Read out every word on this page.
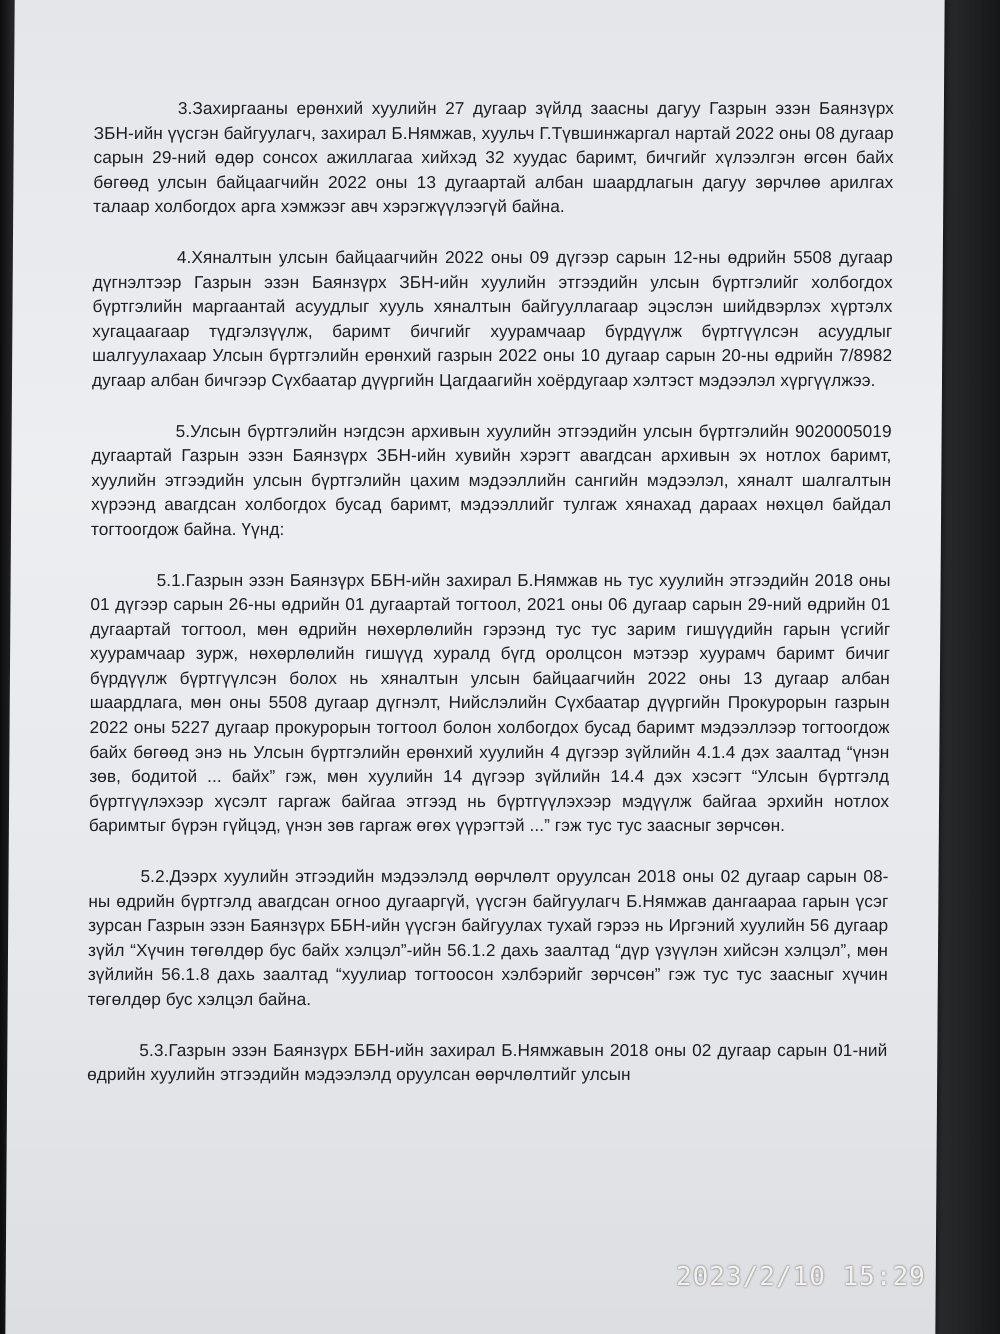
3.Захиргааны ерөнхий хуулийн 27 дугаар зүйлд заасны дагуу Газрын эзэн Баянзүрх ЗБН-ийн үүсгэн байгуулагч, захирал Б.Нямжав, хуульч Г.Түвшинжаргал нартай 2022 оны 08 дугаар сарын 29-ний өдөр сонсох ажиллагаа хийхэд 32 хуудас баримт, бичгийг хүлээлгэн өгсөн байх бөгөөд улсын байцаагчийн 2022 оны 13 дугаартай албан шаардлагын дагуу зөрчлөө арилгах талаар холбогдох арга хэмжээг авч хэрэгжүүлээгүй байна.

4.Хяналтын улсын байцаагчийн 2022 оны 09 дүгээр сарын 12-ны өдрийн 5508 дугаар дүгнэлтээр Газрын эзэн Баянзүрх ЗБН-ийн хуулийн этгээдийн улсын бүртгэлийг холбогдох бүртгэлийн маргаантай асуудлыг хууль хяналтын байгууллагаар эцэслэн шийдвэрлэх хүртэлх хугацаагаар түдгэлзүүлж, баримт бичгийг хуурамчаар бүрдүүлж бүртгүүлсэн асуудлыг шалгуулахаар Улсын бүртгэлийн ерөнхий газрын 2022 оны 10 дугаар сарын 20-ны өдрийн 7/8982 дугаар албан бичгээр Сүхбаатар дүүргийн Цагдаагийн хоёрдугаар хэлтэст мэдээлэл хүргүүлжээ.

5.Улсын бүртгэлийн нэгдсэн архивын хуулийн этгээдийн улсын бүртгэлийн 9020005019 дугаартай Газрын эзэн Баянзүрх ЗБН-ийн хувийн хэрэгт авагдсан архивын эх нотлох баримт, хуулийн этгээдийн улсын бүртгэлийн цахим мэдээллийн сангийн мэдээлэл, хяналт шалгалтын хүрээнд авагдсан холбогдох бусад баримт, мэдээллийг тулгаж хянахад дараах нөхцөл байдал тогтоогдож байна. Үүнд:

5.1.Газрын эзэн Баянзүрх ББН-ийн захирал Б.Нямжав нь тус хуулийн этгээдийн 2018 оны 01 дүгээр сарын 26-ны өдрийн 01 дугаартай тогтоол, 2021 оны 06 дугаар сарын 29-ний өдрийн 01 дугаартай тогтоол, мөн өдрийн нөхөрлөлийн гэрээнд тус тус зарим гишүүдийн гарын үсгийг хуурамчаар зурж, нөхөрлөлийн гишүүд хуралд бүгд оролцсон мэтээр хуурамч баримт бичиг бүрдүүлж бүртгүүлсэн болох нь хяналтын улсын байцаагчийн 2022 оны 13 дугаар албан шаардлага, мөн оны 5508 дугаар дүгнэлт, Нийслэлийн Сүхбаатар дүүргийн Прокурорын газрын 2022 оны 5227 дугаар прокурорын тогтоол болон холбогдох бусад баримт мэдээллээр тогтоогдож байх бөгөөд энэ нь Улсын бүртгэлийн ерөнхий хуулийн 4 дүгээр зүйлийн 4.1.4 дэх заалтад “үнэн зөв, бодитой ... байх” гэж, мөн хуулийн 14 дүгээр зүйлийн 14.4 дэх хэсэгт “Улсын бүртгэлд бүртгүүлэхээр хүсэлт гаргаж байгаа этгээд нь бүртгүүлэхээр мэдүүлж байгаа эрхийн нотлох баримтыг бүрэн гүйцэд, үнэн зөв гаргаж өгөх үүрэгтэй ...” гэж тус тус заасныг зөрчсөн.

5.2.Дээрх хуулийн этгээдийн мэдээлэлд өөрчлөлт оруулсан 2018 оны 02 дугаар сарын 08-ны өдрийн бүртгэлд авагдсан огноо дугааргүй, үүсгэн байгуулагч Б.Нямжав дангаараа гарын үсэг зурсан Газрын эзэн Баянзүрх ББН-ийн үүсгэн байгуулах тухай гэрээ нь Иргэний хуулийн 56 дугаар зүйл “Хүчин төгөлдөр бус байх хэлцэл”-ийн 56.1.2 дахь заалтад “дүр үзүүлэн хийсэн хэлцэл”, мөн зүйлийн 56.1.8 дахь заалтад “хуулиар тогтоосон хэлбэрийг зөрчсөн” гэж тус тус заасныг хүчин төгөлдөр бус хэлцэл байна.

5.3.Газрын эзэн Баянзүрх ББН-ийн захирал Б.Нямжавын 2018 оны 02 дугаар сарын 01-ний өдрийн хуулийн этгээдийн мэдээлэлд оруулсан өөрчлөлтийг улсын

2023/2/10 15:29
